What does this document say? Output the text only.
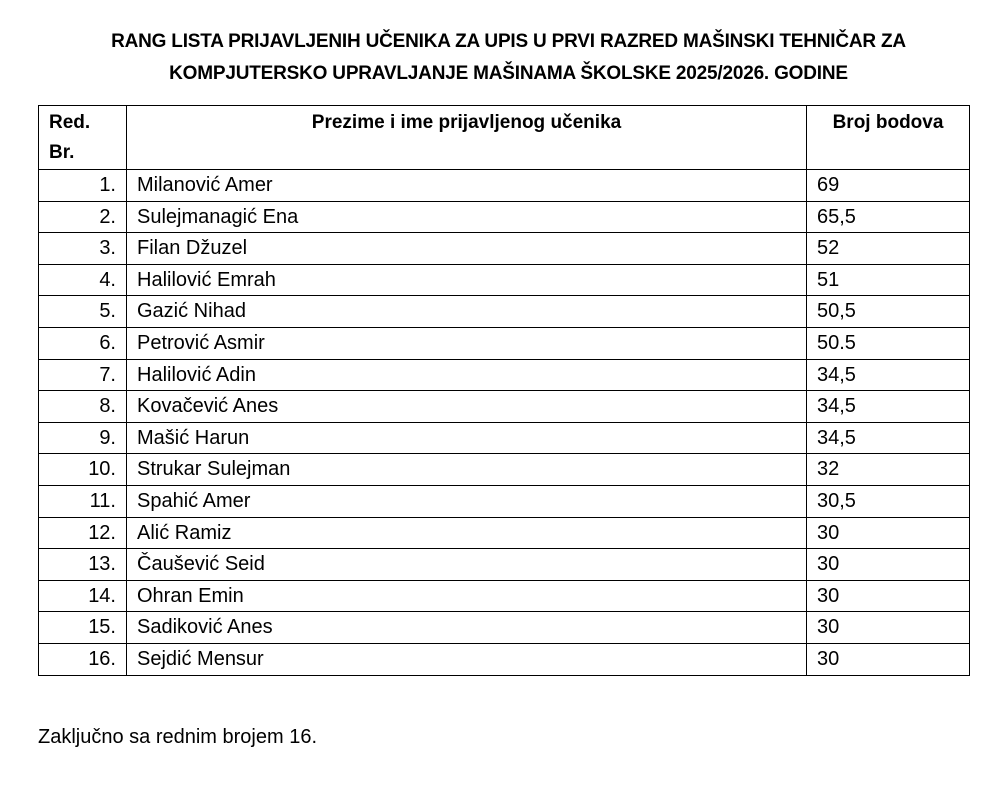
RANG LISTA PRIJAVLJENIH UČENIKA ZA UPIS U PRVI RAZRED MAŠINSKI TEHNIČAR ZA
KOMPJUTERSKO UPRAVLJANJE MAŠINAMA ŠKOLSKE 2025/2026. GODINE
Red.
Br.	Prezime i ime prijavljenog učenika	Broj bodova
1.	Milanović Amer	69
2.	Sulejmanagić Ena	65,5
3.	Filan Džuzel	52
4.	Halilović Emrah	51
5.	Gazić Nihad	50,5
6.	Petrović Asmir	50.5
7.	Halilović Adin	34,5
8.	Kovačević Anes	34,5
9.	Mašić Harun	34,5
10.	Strukar Sulejman	32
11.	Spahić Amer	30,5
12.	Alić Ramiz	30
13.	Čaušević Seid	30
14.	Ohran Emin	30
15.	Sadiković Anes	30
16.	Sejdić Mensur	30
Zaključno sa rednim brojem 16.
